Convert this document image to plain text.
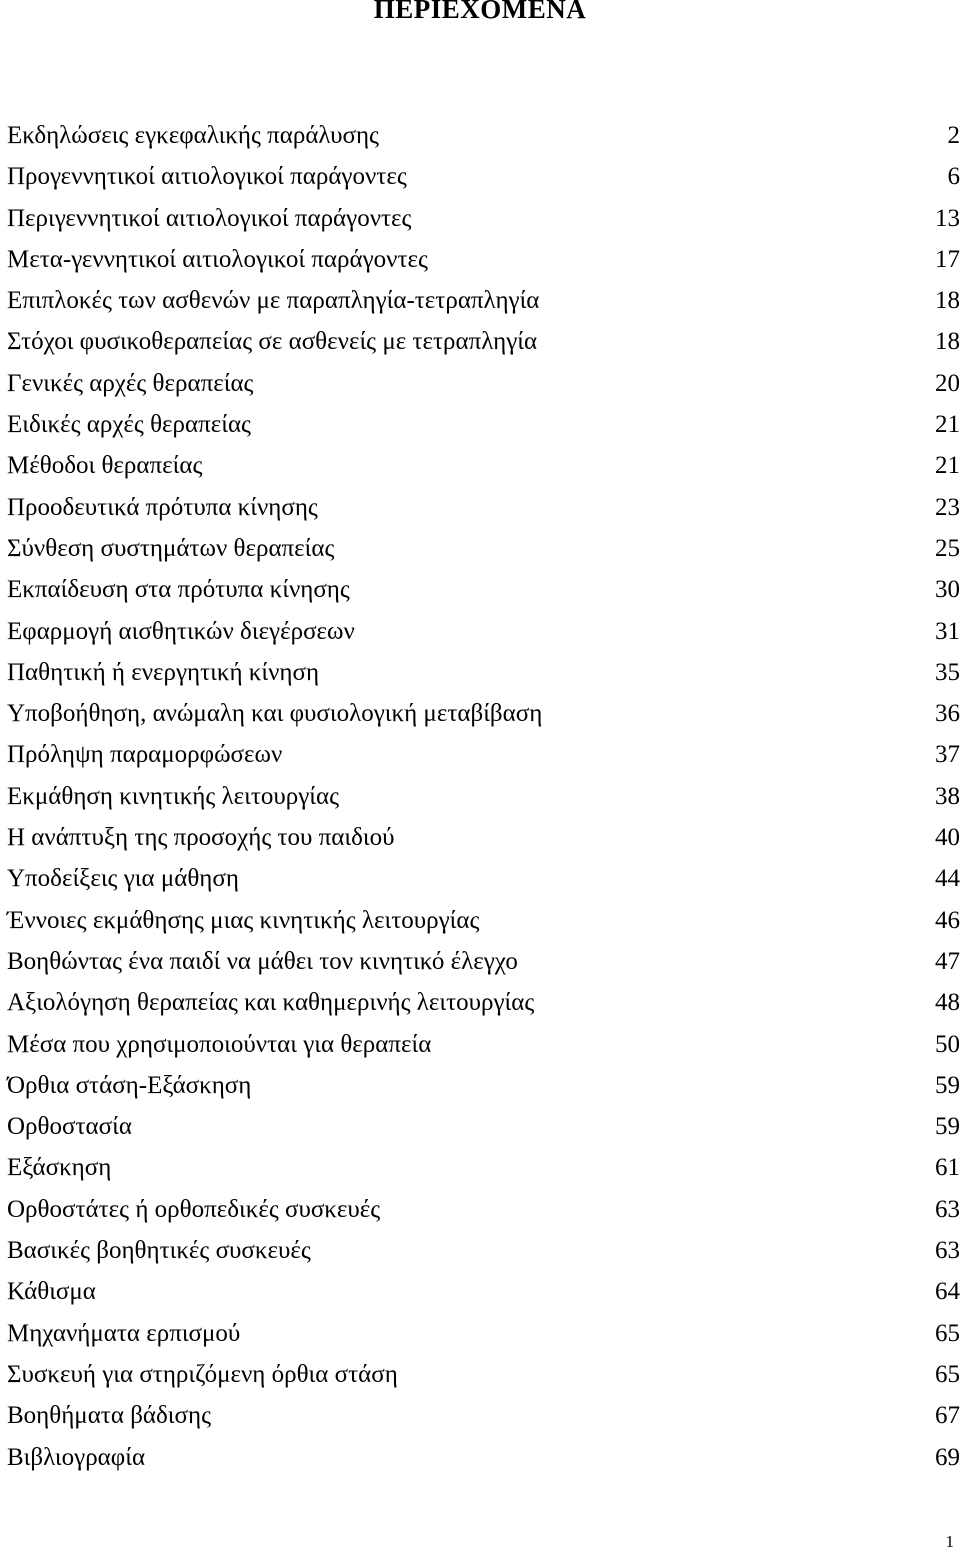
ΠΕΡΙΕΧΟΜΕΝΑ
Εκδηλώσεις εγκεφαλικής παράλυσης	2
Προγεννητικοί αιτιολογικοί παράγοντες	6
Περιγεννητικοί αιτιολογικοί παράγοντες	13
Μετα-γεννητικοί αιτιολογικοί παράγοντες	17
Επιπλοκές των ασθενών με παραπληγία-τετραπληγία	18
Στόχοι φυσικοθεραπείας σε ασθενείς με τετραπληγία	18
Γενικές αρχές θεραπείας	20
Ειδικές αρχές θεραπείας	21
Μέθοδοι θεραπείας	21
Προοδευτικά πρότυπα κίνησης	23
Σύνθεση συστημάτων θεραπείας	25
Εκπαίδευση στα πρότυπα κίνησης	30
Εφαρμογή αισθητικών διεγέρσεων	31
Παθητική ή ενεργητική κίνηση	35
Υποβοήθηση, ανώμαλη και φυσιολογική μεταβίβαση	36
Πρόληψη παραμορφώσεων	37
Εκμάθηση κινητικής λειτουργίας	38
Η ανάπτυξη της προσοχής του παιδιού	40
Υποδείξεις για μάθηση	44
Έννοιες εκμάθησης μιας κινητικής λειτουργίας	46
Βοηθώντας ένα παιδί να μάθει τον κινητικό έλεγχο	47
Αξιολόγηση θεραπείας και καθημερινής λειτουργίας	48
Μέσα που χρησιμοποιούνται για θεραπεία	50
Όρθια στάση-Εξάσκηση	59
Ορθοστασία	59
Εξάσκηση	61
Ορθοστάτες ή ορθοπεδικές συσκευές	63
Βασικές βοηθητικές συσκευές	63
Κάθισμα	64
Μηχανήματα ερπισμού	65
Συσκευή για στηριζόμενη όρθια στάση	65
Βοηθήματα βάδισης	67
Βιβλιογραφία	69
1
